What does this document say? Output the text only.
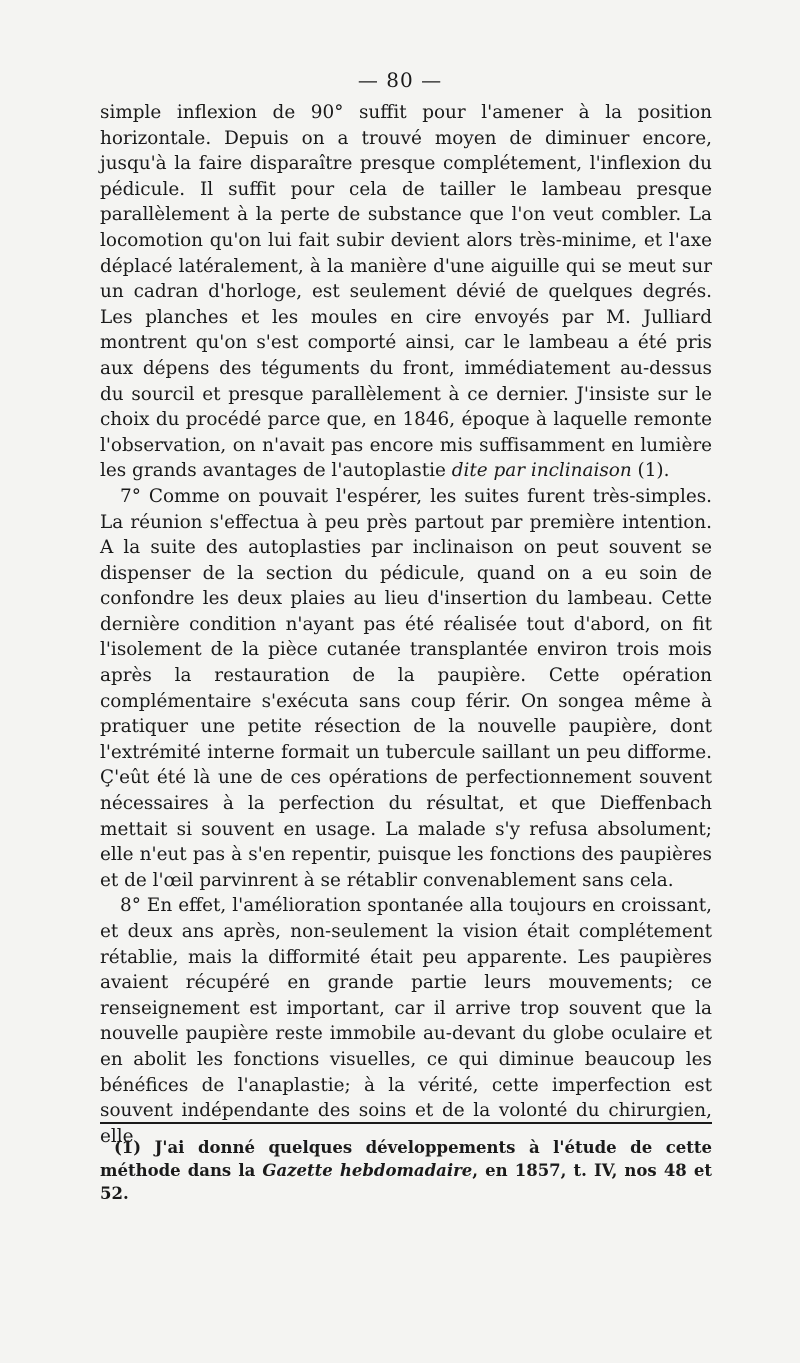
— 80 —

simple inflexion de 90° suffit pour l'amener à la position horizontale. Depuis on a trouvé moyen de diminuer encore, jusqu'à la faire disparaître presque complétement, l'inflexion du pédicule. Il suffit pour cela de tailler le lambeau presque parallèlement à la perte de substance que l'on veut combler. La locomotion qu'on lui fait subir devient alors très-minime, et l'axe déplacé latéralement, à la manière d'une aiguille qui se meut sur un cadran d'horloge, est seulement dévié de quelques degrés. Les planches et les moules en cire envoyés par M. Julliard montrent qu'on s'est comporté ainsi, car le lambeau a été pris aux dépens des téguments du front, immédiatement au-dessus du sourcil et presque parallèlement à ce dernier. J'insiste sur le choix du procédé parce que, en 1846, époque à laquelle remonte l'observation, on n'avait pas encore mis suffisamment en lumière les grands avantages de l'autoplastie dite par inclinaison (1).

7° Comme on pouvait l'espérer, les suites furent très-simples. La réunion s'effectua à peu près partout par première intention. A la suite des autoplasties par inclinaison on peut souvent se dispenser de la section du pédicule, quand on a eu soin de confondre les deux plaies au lieu d'insertion du lambeau. Cette dernière condition n'ayant pas été réalisée tout d'abord, on fit l'isolement de la pièce cutanée transplantée environ trois mois après la restauration de la paupière. Cette opération complémentaire s'exécuta sans coup férir. On songea même à pratiquer une petite résection de la nouvelle paupière, dont l'extrémité interne formait un tubercule saillant un peu difforme. Ç'eût été là une de ces opérations de perfectionnement souvent nécessaires à la perfection du résultat, et que Dieffenbach mettait si souvent en usage. La malade s'y refusa absolument; elle n'eut pas à s'en repentir, puisque les fonctions des paupières et de l'œil parvinrent à se rétablir convenablement sans cela.

8° En effet, l'amélioration spontanée alla toujours en croissant, et deux ans après, non-seulement la vision était complétement rétablie, mais la difformité était peu apparente. Les paupières avaient récupéré en grande partie leurs mouvements; ce renseignement est important, car il arrive trop souvent que la nouvelle paupière reste immobile au-devant du globe oculaire et en abolit les fonctions visuelles, ce qui diminue beaucoup les bénéfices de l'anaplastie; à la vérité, cette imperfection est souvent indépendante des soins et de la volonté du chirurgien, elle

(1) J'ai donné quelques développements à l'étude de cette méthode dans la Gazette hebdomadaire, en 1857, t. IV, nos 48 et 52.
